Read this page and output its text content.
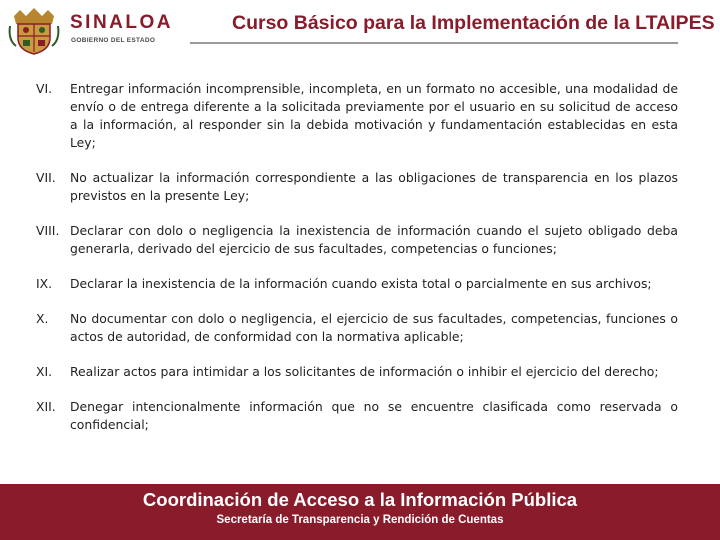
SINALOA
GOBIERNO DEL ESTADO
Curso Básico para la Implementación de la LTAIPES
VI. Entregar información incomprensible, incompleta, en un formato no accesible, una modalidad de envío o de entrega diferente a la solicitada previamente por el usuario en su solicitud de acceso a la información, al responder sin la debida motivación y fundamentación establecidas en esta Ley;
VII. No actualizar la información correspondiente a las obligaciones de transparencia en los plazos previstos en la presente Ley;
VIII. Declarar con dolo o negligencia la inexistencia de información cuando el sujeto obligado deba generarla, derivado del ejercicio de sus facultades, competencias o funciones;
IX. Declarar la inexistencia de la información cuando exista total o parcialmente en sus archivos;
X. No documentar con dolo o negligencia, el ejercicio de sus facultades, competencias, funciones o actos de autoridad, de conformidad con la normativa aplicable;
XI. Realizar actos para intimidar a los solicitantes de información o inhibir el ejercicio del derecho;
XII. Denegar intencionalmente información que no se encuentre clasificada como reservada o confidencial;
Coordinación de Acceso a la Información Pública
Secretaría de Transparencia y Rendición de Cuentas
